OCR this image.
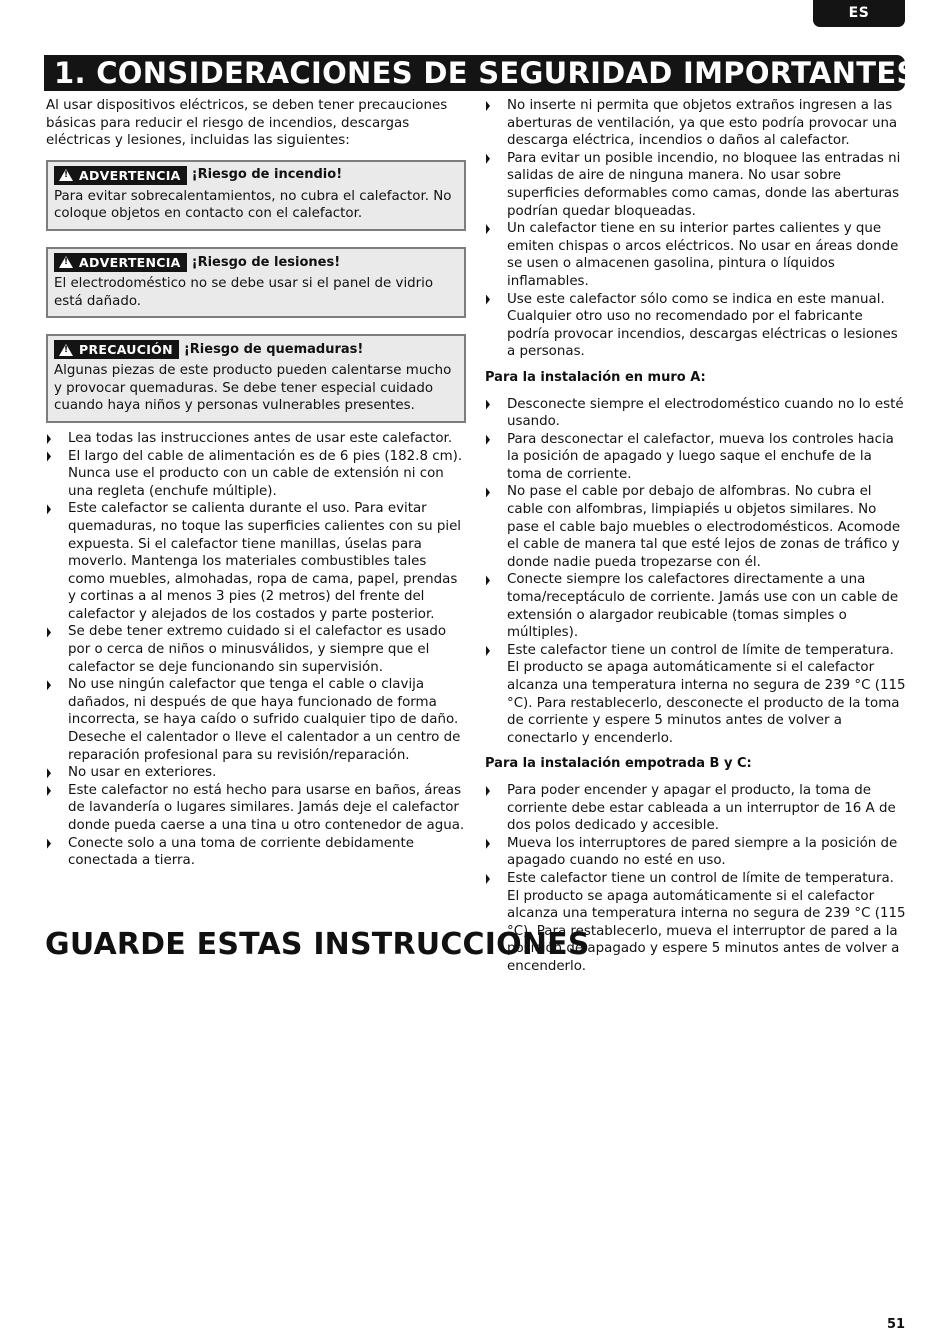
ES
1. CONSIDERACIONES DE SEGURIDAD IMPORTANTES

Al usar dispositivos eléctricos, se deben tener precauciones básicas para reducir el riesgo de incendios, descargas eléctricas y lesiones, incluidas las siguientes:

!
ADVERTENCIA ¡Riesgo de incendio!

Para evitar sobrecalentamientos, no cubra el calefactor. No coloque objetos en contacto con el calefactor.

!
ADVERTENCIA ¡Riesgo de lesiones!

El electrodoméstico no se debe usar si el panel de vidrio está dañado.

!
PRECAUCIÓN ¡Riesgo de quemaduras!

Algunas piezas de este producto pueden calentarse mucho y provocar quemaduras. Se debe tener especial cuidado cuando haya niños y personas vulnerables presentes.

Lea todas las instrucciones antes de usar este calefactor.
El largo del cable de alimentación es de 6 pies (182.8 cm). Nunca use el producto con un cable de extensión ni con una regleta (enchufe múltiple).
Este calefactor se calienta durante el uso. Para evitar quemaduras, no toque las superficies calientes con su piel expuesta. Si el calefactor tiene manillas, úselas para moverlo. Mantenga los materiales combustibles tales como muebles, almohadas, ropa de cama, papel, prendas y cortinas a al menos 3 pies (2 metros) del frente del calefactor y alejados de los costados y parte posterior.
Se debe tener extremo cuidado si el calefactor es usado por o cerca de niños o minusválidos, y siempre que el calefactor se deje funcionando sin supervisión.
No use ningún calefactor que tenga el cable o clavija dañados, ni después de que haya funcionado de forma incorrecta, se haya caído o sufrido cualquier tipo de daño. Deseche el calentador o lleve el calentador a un centro de reparación profesional para su revisión/reparación.
No usar en exteriores.
Este calefactor no está hecho para usarse en baños, áreas de lavandería o lugares similares. Jamás deje el calefactor donde pueda caerse a una tina u otro contenedor de agua.
Conecte solo a una toma de corriente debidamente conectada a tierra.
No inserte ni permita que objetos extraños ingresen a las aberturas de ventilación, ya que esto podría provocar una descarga eléctrica, incendios o daños al calefactor.
Para evitar un posible incendio, no bloquee las entradas ni salidas de aire de ninguna manera. No usar sobre superficies deformables como camas, donde las aberturas podrían quedar bloqueadas.
Un calefactor tiene en su interior partes calientes y que emiten chispas o arcos eléctricos. No usar en áreas donde se usen o almacenen gasolina, pintura o líquidos inflamables.
Use este calefactor sólo como se indica en este manual. Cualquier otro uso no recomendado por el fabricante podría provocar incendios, descargas eléctricas o lesiones a personas.

Para la instalación en muro A:

Desconecte siempre el electrodoméstico cuando no lo esté usando.
Para desconectar el calefactor, mueva los controles hacia la posición de apagado y luego saque el enchufe de la toma de corriente.
No pase el cable por debajo de alfombras. No cubra el cable con alfombras, limpiapiés u objetos similares. No pase el cable bajo muebles o electrodomésticos. Acomode el cable de manera tal que esté lejos de zonas de tráfico y donde nadie pueda tropezarse con él.
Conecte siempre los calefactores directamente a una toma/receptáculo de corriente. Jamás use con un cable de extensión o alargador reubicable (tomas simples o múltiples).
Este calefactor tiene un control de límite de temperatura. El producto se apaga automáticamente si el calefactor alcanza una temperatura interna no segura de 239 °C (115 °C). Para restablecerlo, desconecte el producto de la toma de corriente y espere 5 minutos antes de volver a conectarlo y encenderlo.

Para la instalación empotrada B y C:

Para poder encender y apagar el producto, la toma de corriente debe estar cableada a un interruptor de 16 A de dos polos dedicado y accesible.
Mueva los interruptores de pared siempre a la posición de apagado cuando no esté en uso.
Este calefactor tiene un control de límite de temperatura. El producto se apaga automáticamente si el calefactor alcanza una temperatura interna no segura de 239 °C (115 °C). Para restablecerlo, mueva el interruptor de pared a la posición de apagado y espere 5 minutos antes de volver a encenderlo.
GUARDE ESTAS INSTRUCCIONES
51
